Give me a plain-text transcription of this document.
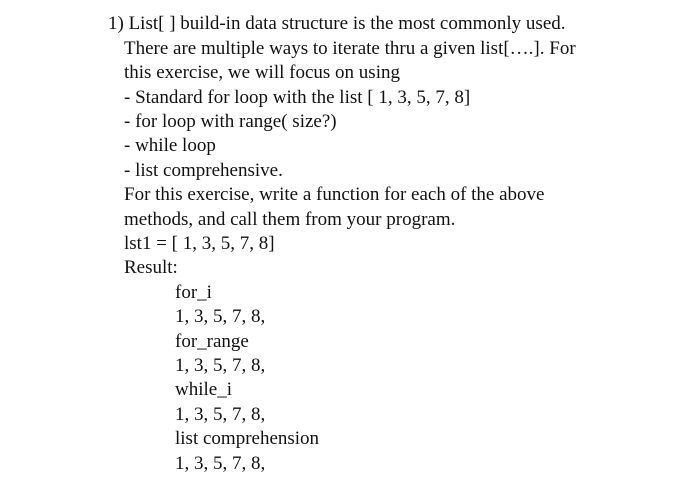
1) List[ ] build-in data structure is the most commonly used.
There are multiple ways to iterate thru a given list[….]. For
this exercise, we will focus on using
- Standard for loop with the list [ 1, 3, 5, 7, 8]
- for loop with range( size?)
- while loop
- list comprehensive.
For this exercise, write a function for each of the above
methods, and call them from your program.
lst1 = [ 1, 3, 5, 7, 8]
Result:
for_i
1, 3, 5, 7, 8,
for_range
1, 3, 5, 7, 8,
while_i
1, 3, 5, 7, 8,
list comprehension
1, 3, 5, 7, 8,
